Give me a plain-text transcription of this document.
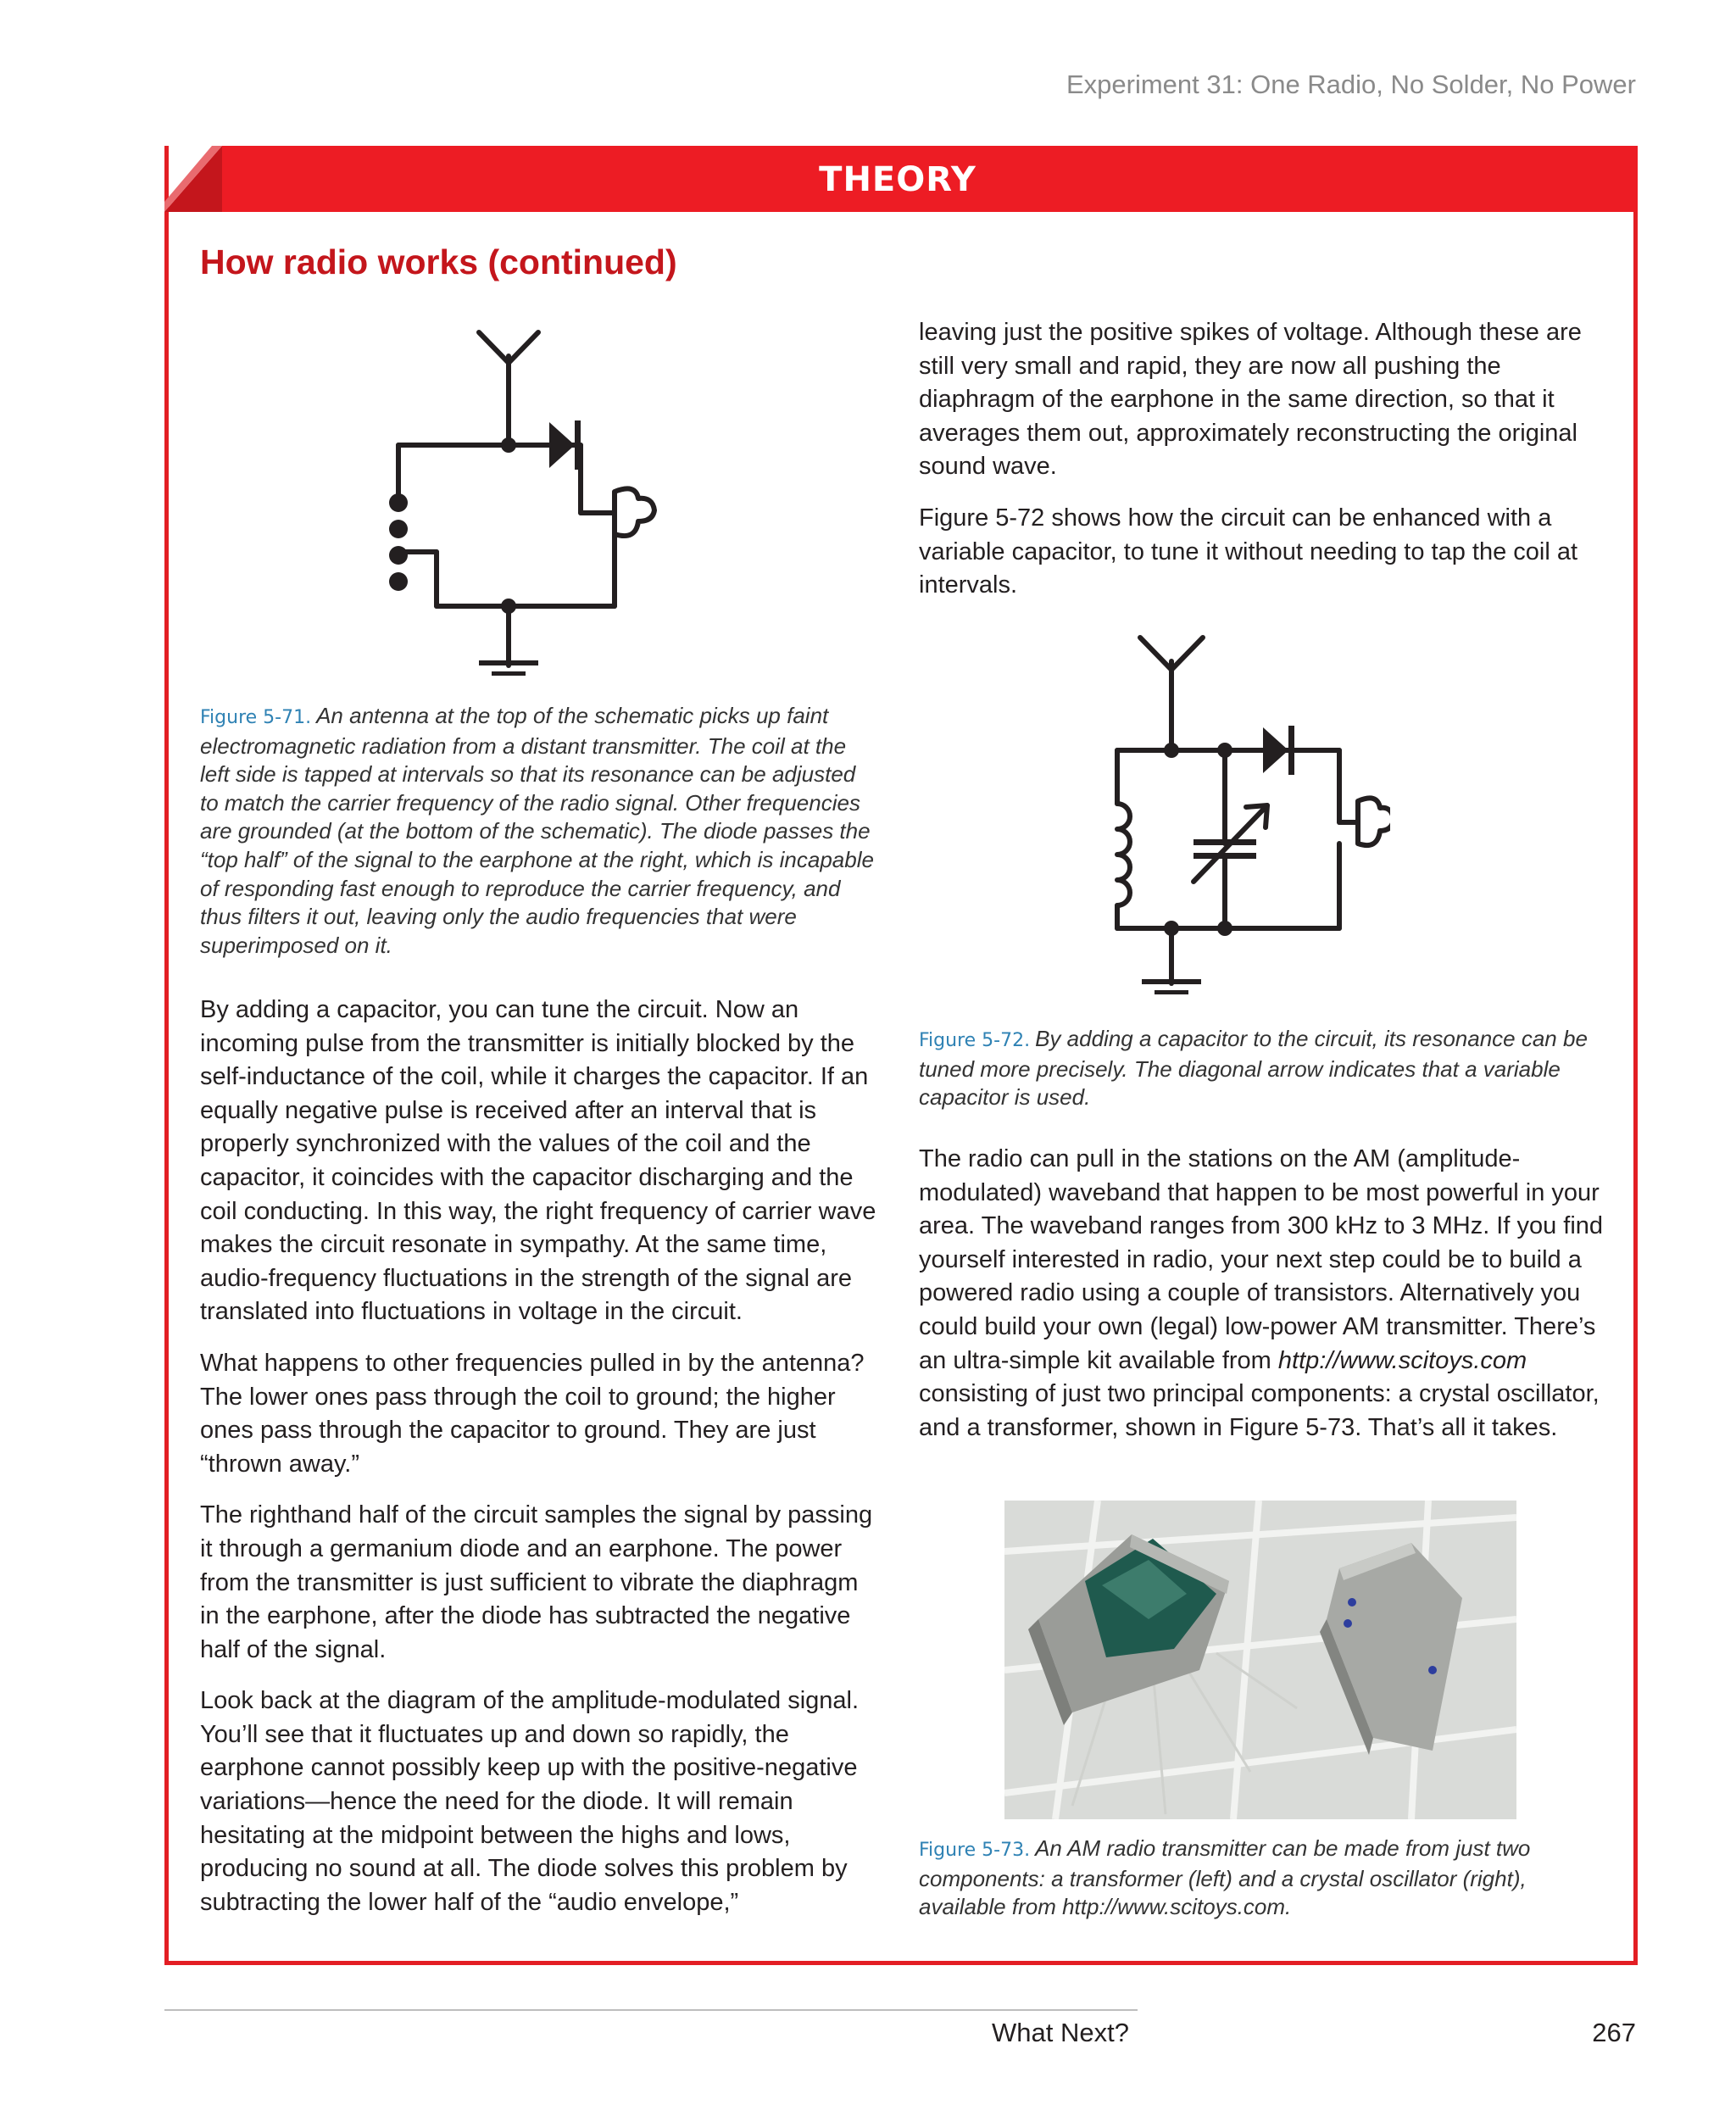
Experiment 31: One Radio, No Solder, No Power
THEORY
How radio works (continued)

Figure 5-71. An antenna at the top of the schematic picks up faint electromagnetic radiation from a distant transmitter. The coil at the left side is tapped at intervals so that its resonance can be adjusted to match the carrier frequency of the radio signal. Other frequencies are grounded (at the bottom of the schematic). The diode passes the “top half” of the signal to the earphone at the right, which is incapable of responding fast enough to reproduce the carrier frequency, and thus filters it out, leaving only the audio frequencies that were superimposed on it.

By adding a capacitor, you can tune the circuit. Now an incoming pulse from the transmitter is initially blocked by the self-inductance of the coil, while it charges the capacitor. If an equally negative pulse is received after an interval that is properly synchronized with the values of the coil and the capacitor, it coincides with the capacitor discharging and the coil conducting. In this way, the right frequency of carrier wave makes the circuit resonate in sympathy. At the same time, audio-frequency fluctuations in the strength of the signal are translated into fluctuations in voltage in the circuit.

What happens to other frequencies pulled in by the antenna? The lower ones pass through the coil to ground; the higher ones pass through the capacitor to ground. They are just “thrown away.”

The righthand half of the circuit samples the signal by passing it through a germanium diode and an earphone. The power from the transmitter is just sufficient to vibrate the diaphragm in the earphone, after the diode has subtracted the negative half of the signal.

Look back at the diagram of the amplitude-modulated signal. You’ll see that it fluctuates up and down so rapidly, the earphone cannot possibly keep up with the positive-negative variations—hence the need for the diode. It will remain hesitating at the midpoint between the highs and lows, producing no sound at all. The diode solves this problem by subtracting the lower half of the “audio envelope,”

leaving just the positive spikes of voltage. Although these are still very small and rapid, they are now all pushing the diaphragm of the earphone in the same direction, so that it averages them out, approximately reconstructing the original sound wave.

Figure 5-72 shows how the circuit can be enhanced with a variable capacitor, to tune it without needing to tap the coil at intervals.

Figure 5-72. By adding a capacitor to the circuit, its resonance can be tuned more precisely. The diagonal arrow indicates that a variable capacitor is used.

The radio can pull in the stations on the AM (amplitude-modulated) waveband that happen to be most powerful in your area. The waveband ranges from 300 kHz to 3 MHz. If you find yourself interested in radio, your next step could be to build a powered radio using a couple of transistors. Alternatively you could build your own (legal) low-power AM transmitter. There’s an ultra-simple kit available from http://www.scitoys.com consisting of just two principal components: a crystal oscillator, and a transformer, shown in Figure 5-73. That’s all it takes.

Figure 5-73. An AM radio transmitter can be made from just two components: a transformer (left) and a crystal oscillator (right), available from http://www.scitoys.com.

What Next?	267
